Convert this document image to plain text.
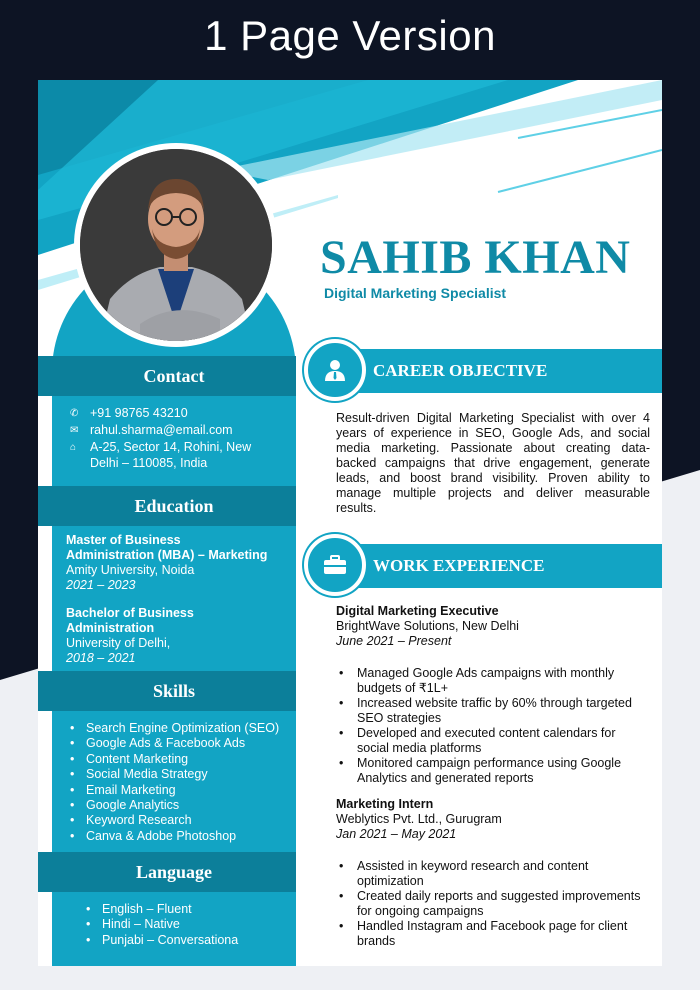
1 Page Version
Contact
✆ +91 98765 43210
✉ rahul.sharma@email.com
⌂	A-25, Sector 14, Rohini, New
Delhi – 110085, India
Education
Master of Business
Administration (MBA) – Marketing
Amity University, Noida
2021 – 2023
Bachelor of Business
Administration
University of Delhi,
2018 – 2021
Skills
• Search Engine Optimization (SEO)
• Google Ads & Facebook Ads
• Content Marketing
• Social Media Strategy
• Email Marketing
• Google Analytics
• Keyword Research
• Canva & Adobe Photoshop
Language
• English – Fluent
• Hindi – Native
• Punjabi – Conversationa
SAHIB KHAN
Digital Marketing Specialist
CAREER OBJECTIVE
Result-driven Digital Marketing Specialist with over 4 years of experience in SEO, Google Ads, and social media marketing. Passionate about creating data-backed campaigns that drive engagement, generate leads, and boost brand visibility. Proven ability to manage multiple projects and deliver measurable results.
WORK EXPERIENCE
Digital Marketing Executive
BrightWave Solutions, New Delhi
June 2021 – Present
• Managed Google Ads campaigns with monthly
budgets of ₹1L+
• Increased website traffic by 60% through targeted
SEO strategies
• Developed and executed content calendars for
social media platforms
• Monitored campaign performance using Google
Analytics and generated reports
Marketing Intern
Weblytics Pvt. Ltd., Gurugram
Jan 2021 – May 2021
• Assisted in keyword research and content
optimization
• Created daily reports and suggested improvements
for ongoing campaigns
• Handled Instagram and Facebook page for client
brands
